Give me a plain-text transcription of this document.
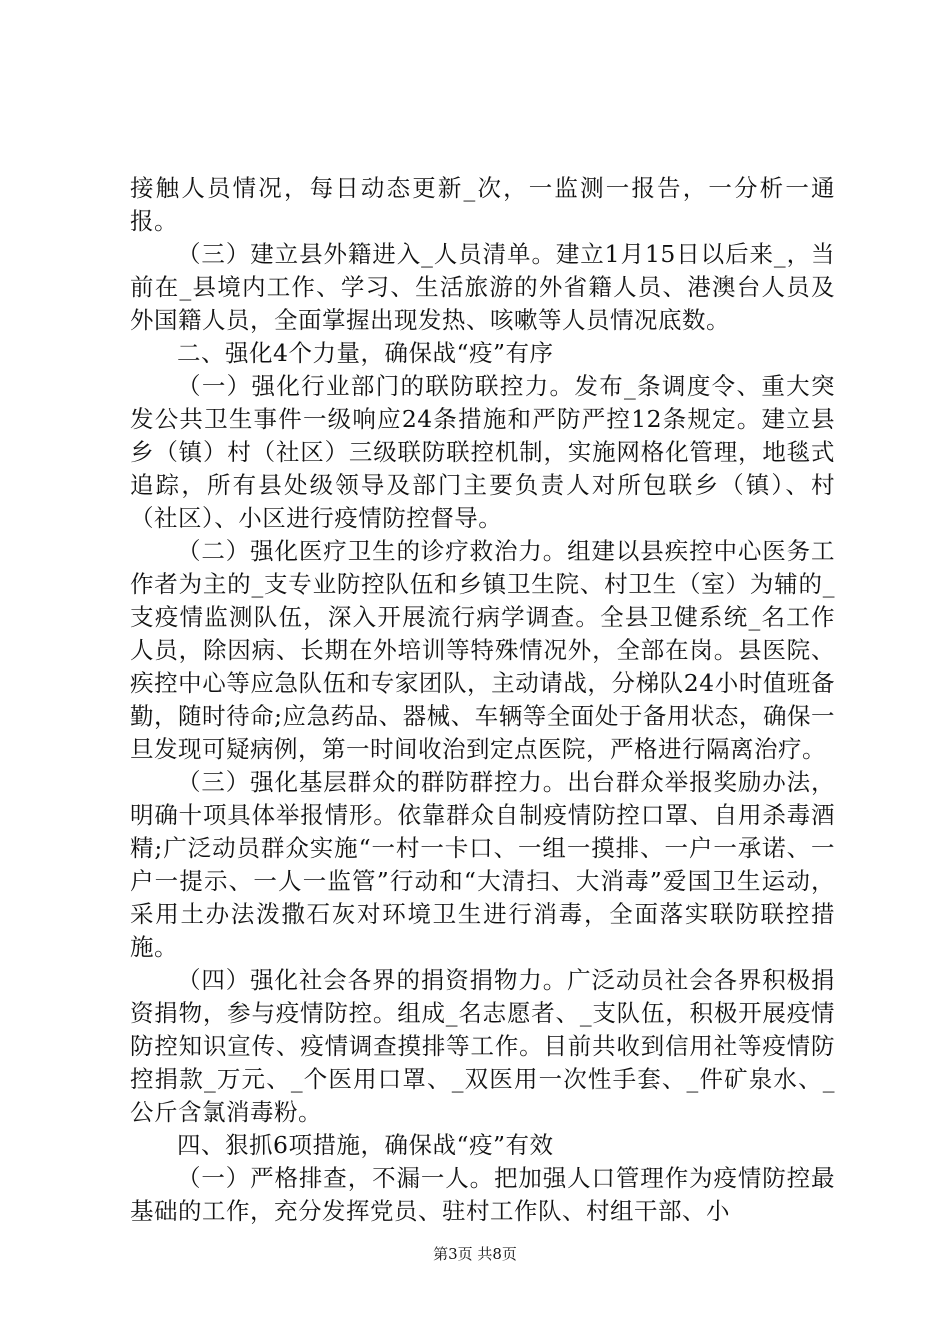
接触人员情况，每日动态更新_次，一监测一报告，一分析一通报。

（三）建立县外籍进入_人员清单。建立1月15日以后来_，当前在_县境内工作、学习、生活旅游的外省籍人员、港澳台人员及外国籍人员，全面掌握出现发热、咳嗽等人员情况底数。

二、强化4个力量，确保战“疫”有序

（一）强化行业部门的联防联控力。发布_条调度令、重大突发公共卫生事件一级响应24条措施和严防严控12条规定。建立县乡（镇）村（社区）三级联防联控机制，实施网格化管理，地毯式追踪，所有县处级领导及部门主要负责人对所包联乡（镇）、村（社区）、小区进行疫情防控督导。

（二）强化医疗卫生的诊疗救治力。组建以县疾控中心医务工作者为主的_支专业防控队伍和乡镇卫生院、村卫生（室）为辅的_支疫情监测队伍，深入开展流行病学调查。全县卫健系统_名工作人员，除因病、长期在外培训等特殊情况外，全部在岗。县医院、疾控中心等应急队伍和专家团队，主动请战，分梯队24小时值班备勤，随时待命;应急药品、器械、车辆等全面处于备用状态，确保一旦发现可疑病例，第一时间收治到定点医院，严格进行隔离治疗。

（三）强化基层群众的群防群控力。出台群众举报奖励办法，明确十项具体举报情形。依靠群众自制疫情防控口罩、自用杀毒酒精;广泛动员群众实施“一村一卡口、一组一摸排、一户一承诺、一户一提示、一人一监管”行动和“大清扫、大消毒”爱国卫生运动，采用土办法泼撒石灰对环境卫生进行消毒，全面落实联防联控措施。

（四）强化社会各界的捐资捐物力。广泛动员社会各界积极捐资捐物，参与疫情防控。组成_名志愿者、_支队伍，积极开展疫情防控知识宣传、疫情调查摸排等工作。目前共收到信用社等疫情防控捐款_万元、_个医用口罩、_双医用一次性手套、_件矿泉水、_公斤含氯消毒粉。

四、狠抓6项措施，确保战“疫”有效

（一）严格排查，不漏一人。把加强人口管理作为疫情防控最基础的工作，充分发挥党员、驻村工作队、村组干部、小

第3页 共8页
